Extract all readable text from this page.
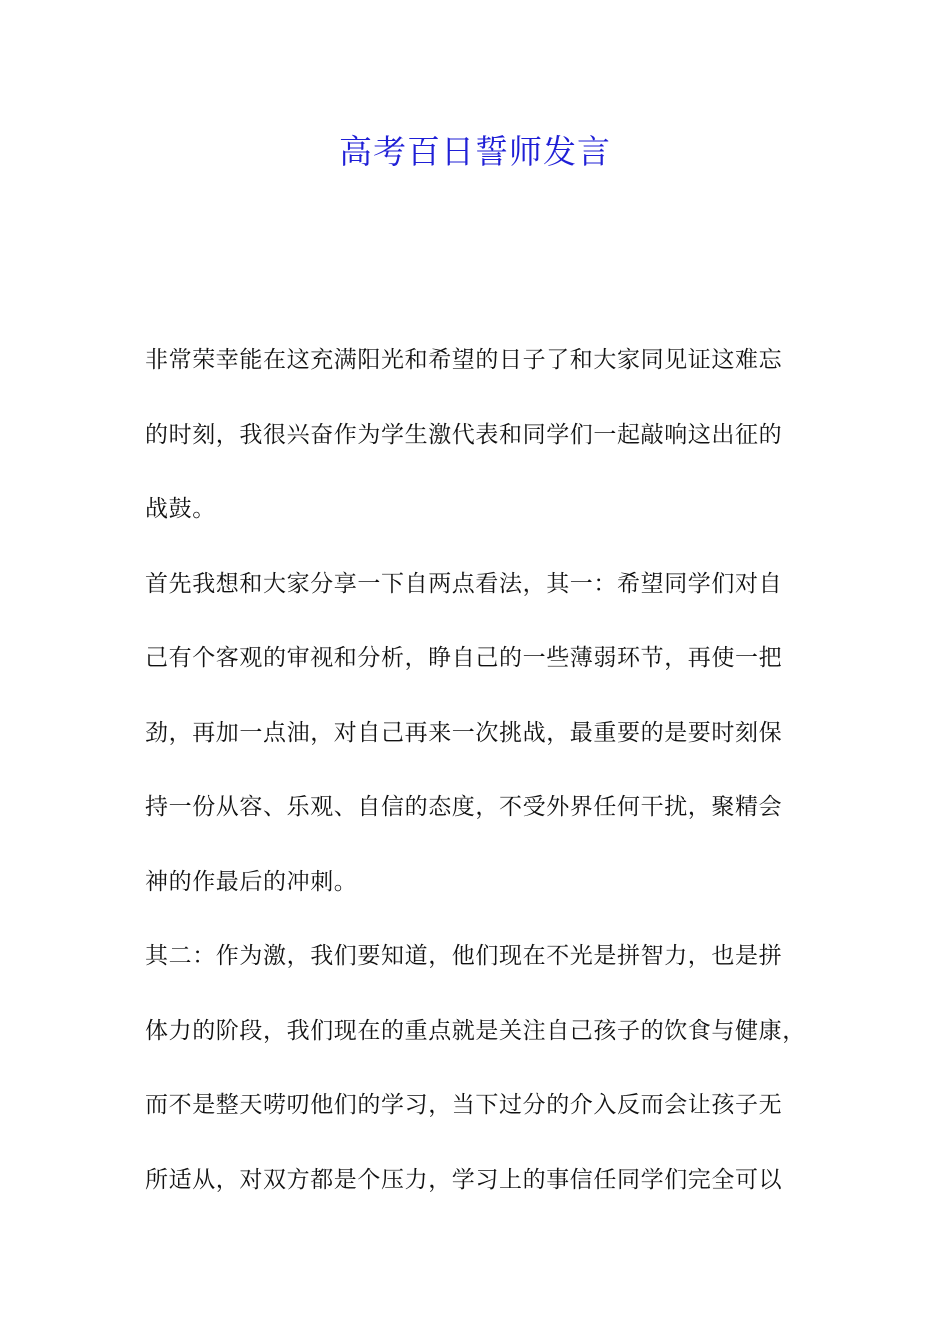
高考百日誓师发言
非常荣幸能在这充满阳光和希望的日子了和大家同见证这难忘
的时刻，我很兴奋作为学生激代表和同学们一起敲响这出征的
战鼓。
首先我想和大家分享一下自两点看法，其一：希望同学们对自
己有个客观的审视和分析，睁自己的一些薄弱环节，再使一把
劲，再加一点油，对自己再来一次挑战，最重要的是要时刻保
持一份从容、乐观、自信的态度，不受外界任何干扰，聚精会
神的作最后的冲刺。
其二：作为激，我们要知道，他们现在不光是拼智力，也是拼
体力的阶段，我们现在的重点就是关注自己孩子的饮食与健康，
而不是整天唠叨他们的学习，当下过分的介入反而会让孩子无
所适从，对双方都是个压力，学习上的事信任同学们完全可以
